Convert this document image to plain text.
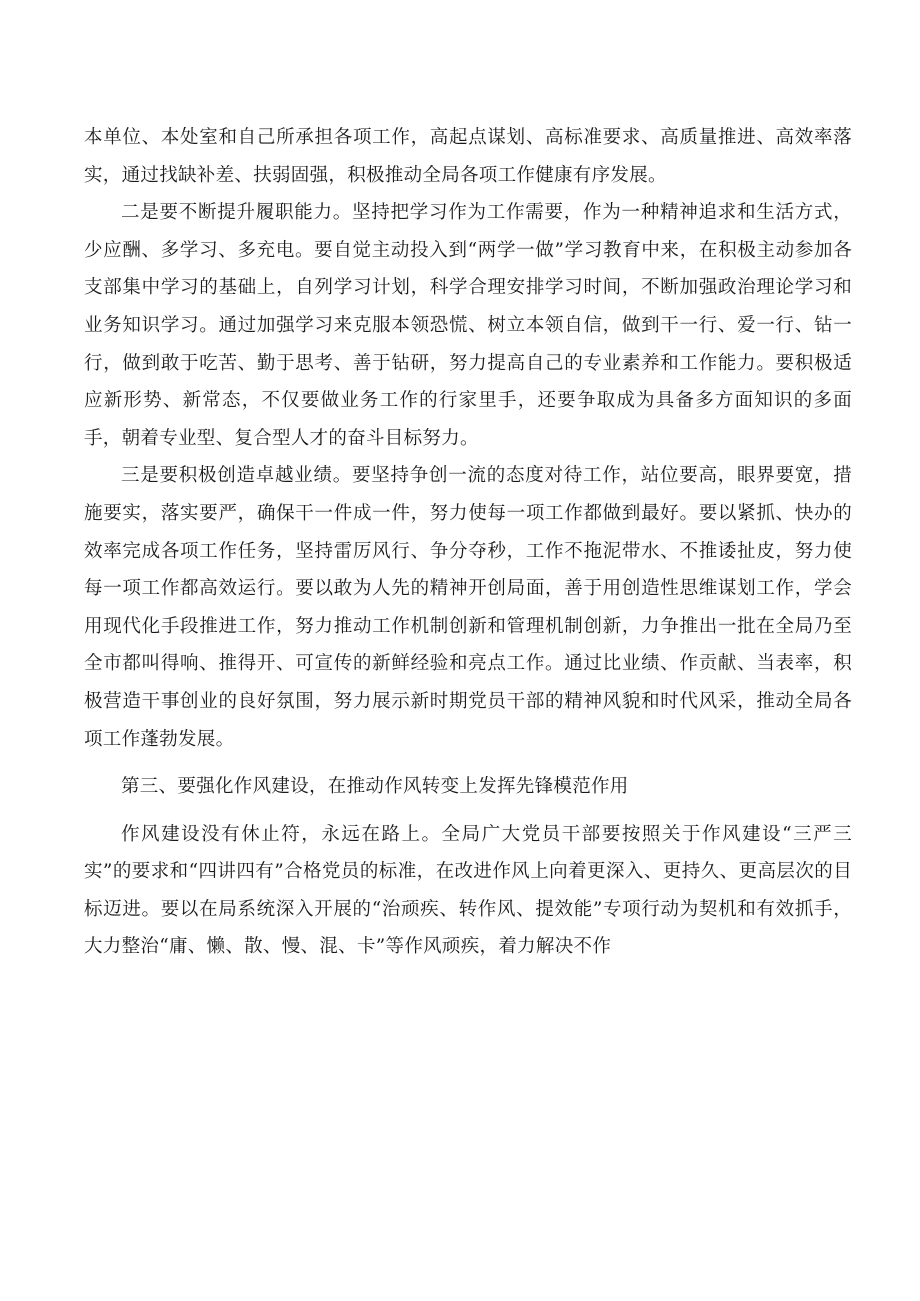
本单位、本处室和自己所承担各项工作，高起点谋划、高标准要求、高质量推进、高效率落实，通过找缺补差、扶弱固强，积极推动全局各项工作健康有序发展。

二是要不断提升履职能力。坚持把学习作为工作需要，作为一种精神追求和生活方式，少应酬、多学习、多充电。要自觉主动投入到“两学一做”学习教育中来，在积极主动参加各支部集中学习的基础上，自列学习计划，科学合理安排学习时间，不断加强政治理论学习和业务知识学习。通过加强学习来克服本领恐慌、树立本领自信，做到干一行、爱一行、钻一行，做到敢于吃苦、勤于思考、善于钻研，努力提高自己的专业素养和工作能力。要积极适应新形势、新常态，不仅要做业务工作的行家里手，还要争取成为具备多方面知识的多面手，朝着专业型、复合型人才的奋斗目标努力。

三是要积极创造卓越业绩。要坚持争创一流的态度对待工作，站位要高，眼界要宽，措施要实，落实要严，确保干一件成一件，努力使每一项工作都做到最好。要以紧抓、快办的效率完成各项工作任务，坚持雷厉风行、争分夺秒，工作不拖泥带水、不推诿扯皮，努力使每一项工作都高效运行。要以敢为人先的精神开创局面，善于用创造性思维谋划工作，学会用现代化手段推进工作，努力推动工作机制创新和管理机制创新，力争推出一批在全局乃至全市都叫得响、推得开、可宣传的新鲜经验和亮点工作。通过比业绩、作贡献、当表率，积极营造干事创业的良好氛围，努力展示新时期党员干部的精神风貌和时代风采，推动全局各项工作蓬勃发展。

第三、要强化作风建设，在推动作风转变上发挥先锋模范作用

作风建设没有休止符，永远在路上。全局广大党员干部要按照关于作风建设“三严三实”的要求和“四讲四有”合格党员的标准，在改进作风上向着更深入、更持久、更高层次的目标迈进。要以在局系统深入开展的“治顽疾、转作风、提效能”专项行动为契机和有效抓手，大力整治“庸、懒、散、慢、混、卡”等作风顽疾，着力解决不作
